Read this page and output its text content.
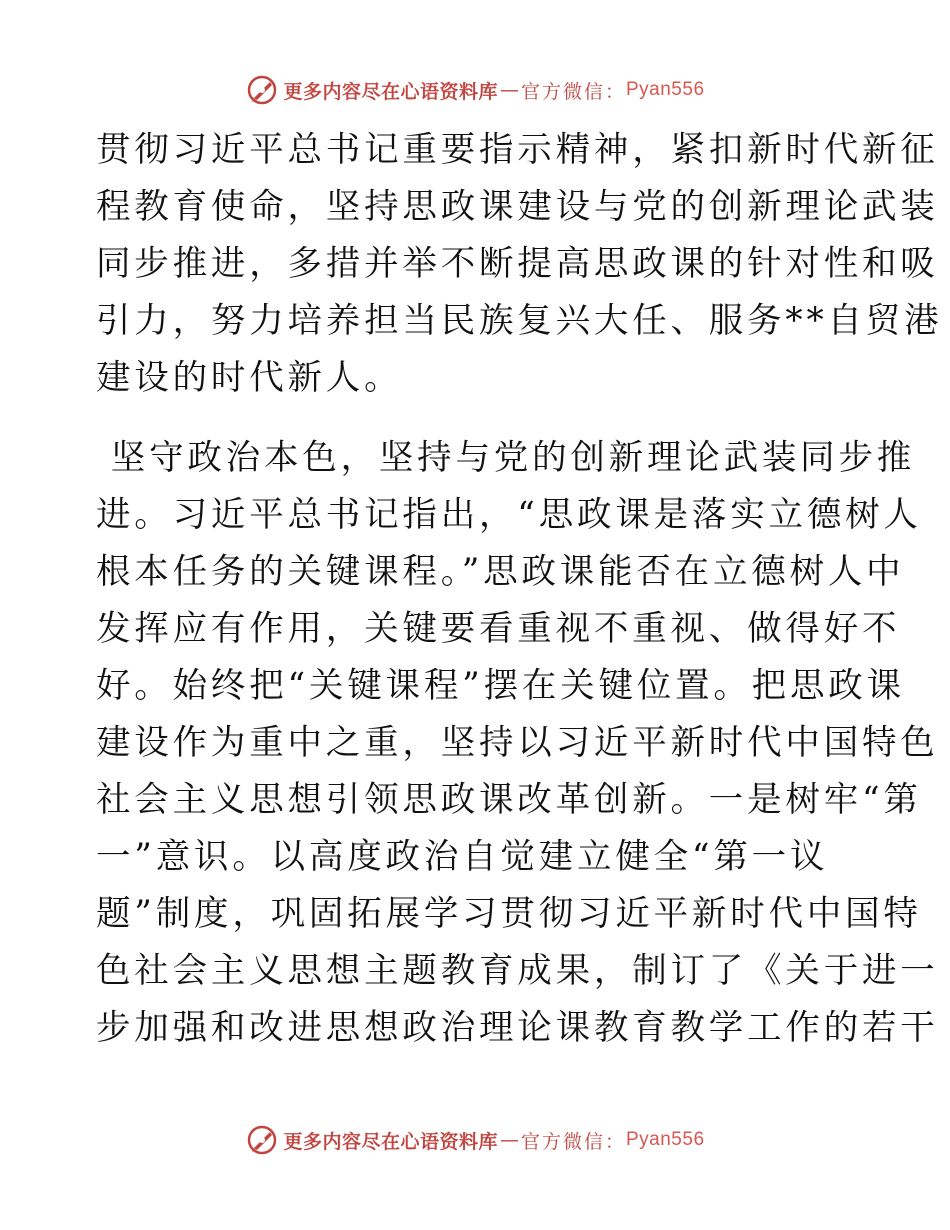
更多内容尽在心语资料库 — 官方微信： Pyan556
贯彻习近平总书记重要指示精神，紧扣新时代新征
程教育使命，坚持思政课建设与党的创新理论武装
同步推进，多措并举不断提高思政课的针对性和吸
引力，努力培养担当民族复兴大任、服务**自贸港
建设的时代新人。
坚守政治本色，坚持与党的创新理论武装同步推
进。习近平总书记指出，“思政课是落实立德树人
根本任务的关键课程。”思政课能否在立德树人中
发挥应有作用，关键要看重视不重视、做得好不
好。始终把“关键课程”摆在关键位置。把思政课
建设作为重中之重，坚持以习近平新时代中国特色
社会主义思想引领思政课改革创新。一是树牢“第
一”意识。以高度政治自觉建立健全“第一议
题”制度，巩固拓展学习贯彻习近平新时代中国特
色社会主义思想主题教育成果，制订了《关于进一
步加强和改进思想政治理论课教育教学工作的若干
更多内容尽在心语资料库 — 官方微信： Pyan556
